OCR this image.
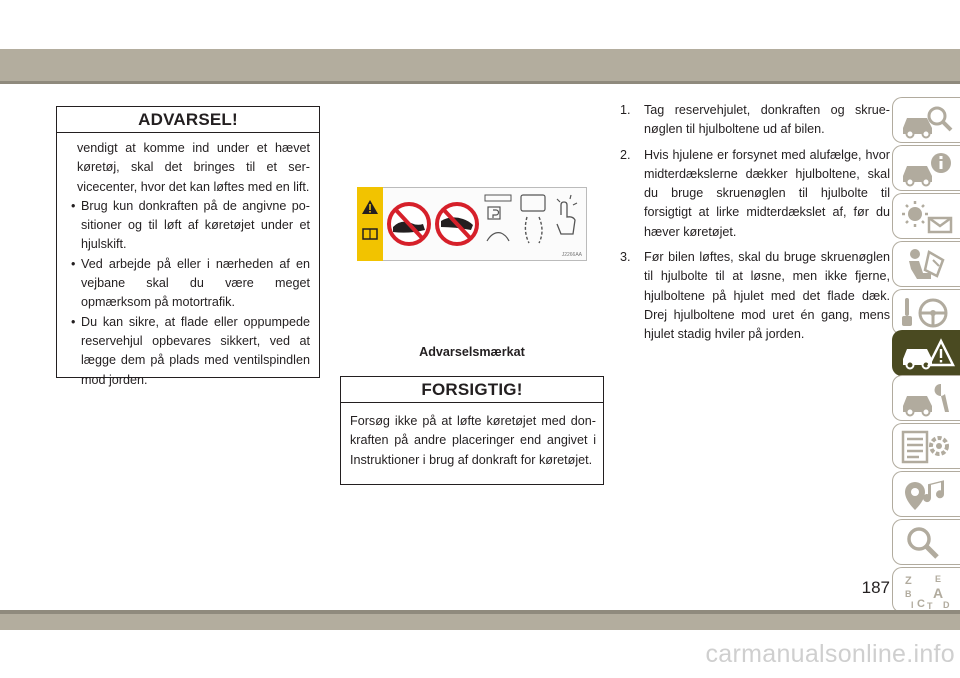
ADVARSEL!
vendigt at komme ind under et hævet køretøj, skal det bringes til et servicecenter, hvor det kan løftes med en lift.
• Brug kun donkraften på de angivne positioner og til løft af køretøjet under et hjulskift.
• Ved arbejde på eller i nærheden af en vejbane skal du være meget opmærksom på motortrafik.
• Du kan sikre, at flade eller oppumpede reservehjul opbevares sikkert, ved at lægge dem på plads med ventilspindlen mod jorden.
J2266AA
Advarselsmærkat
FORSIGTIG!
Forsøg ikke på at løfte køretøjet med donkraften på andre placeringer end angivet i Instruktioner i brug af donkraft for køretøjet.
1.	Tag reservehjulet, donkraften og skruenøglen til hjulboltene ud af bilen.
2.	Hvis hjulene er forsynet med alufælge, hvor midterdækslerne dækker hjulboltene, skal du bruge skruenøglen til hjulbolte til forsigtigt at lirke midterdækslet af, før du hæver køretøjet.
3.	Før bilen løftes, skal du bruge skruenøglen til hjulbolte til at løsne, men ikke fjerne, hjulboltene på hjulet med det flade dæk. Drej hjulboltene mod uret én gang, mens hjulet stadig hviler på jorden.
Z	E
B A
C D
T
I
187
carmanualsonline.info
